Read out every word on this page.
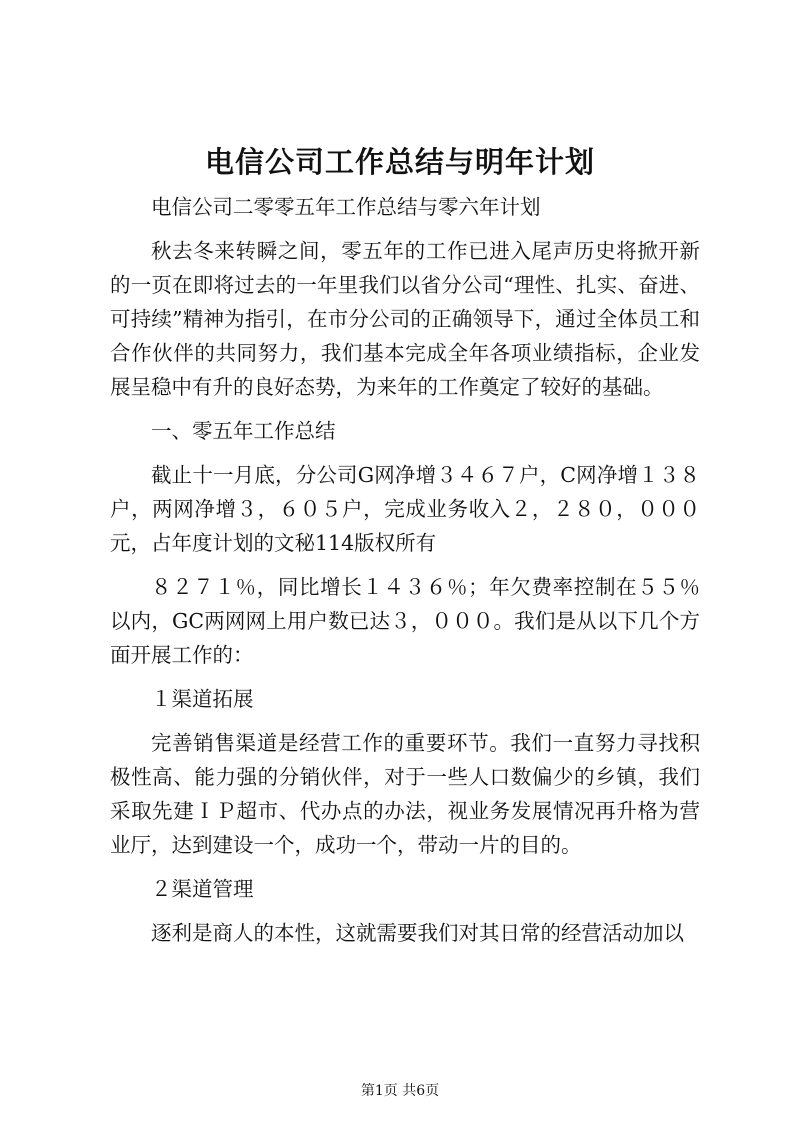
电信公司工作总结与明年计划

电信公司二零零五年工作总结与零六年计划

秋去冬来转瞬之间，零五年的工作已进入尾声历史将掀开新的一页在即将过去的一年里我们以省分公司“理性、扎实、奋进、可持续”精神为指引，在市分公司的正确领导下，通过全体员工和合作伙伴的共同努力，我们基本完成全年各项业绩指标，企业发展呈稳中有升的良好态势，为来年的工作奠定了较好的基础。

一、零五年工作总结

截止十一月底，分公司G网净增３４６７户，C网净增１３８户，两网净增３，６０５户，完成业务收入２，２８０，０００元，占年度计划的文秘114版权所有

８２７１％，同比增长１４３６％；年欠费率控制在５５％以内，GC两网网上用户数已达３，０００。我们是从以下几个方面开展工作的：

１渠道拓展

完善销售渠道是经营工作的重要环节。我们一直努力寻找积极性高、能力强的分销伙伴，对于一些人口数偏少的乡镇，我们采取先建ＩＰ超市、代办点的办法，视业务发展情况再升格为营业厅，达到建设一个，成功一个，带动一片的目的。

２渠道管理

逐利是商人的本性，这就需要我们对其日常的经营活动加以

第1页 共6页
